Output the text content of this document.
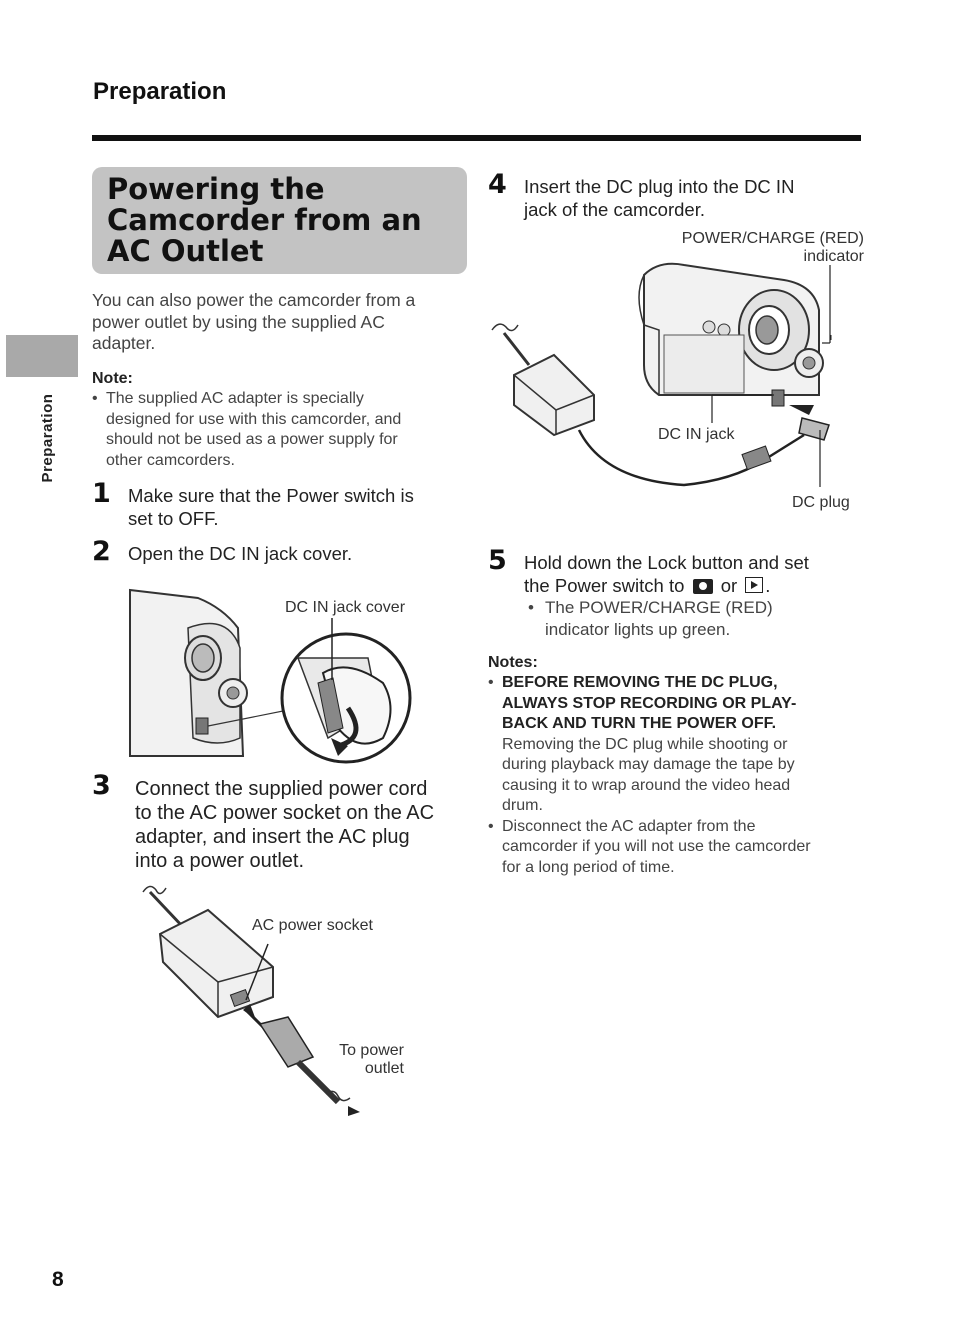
Preparation
Preparation
Powering the
Camcorder from an
AC Outlet
You can also power the camcorder from a
power outlet by using the supplied AC
adapter.
Note:
• The supplied AC adapter is specially
designed for use with this camcorder, and
should not be used as a power supply for
other camcorders.
1 Make sure that the Power switch is
set to OFF.
2 Open the DC IN jack cover.
DC IN jack cover
3 Connect the supplied power cord
to the AC power socket on the AC
adapter, and insert the AC plug
into a power outlet.
AC power socket
To power
outlet
4 Insert the DC plug into the DC IN
jack of the camcorder.
POWER/CHARGE (RED)
indicator
DC IN jack
DC plug
5 Hold down the Lock button and set
the Power switch to or .
• The POWER/CHARGE (RED)
indicator lights up green.
Notes:
• BEFORE REMOVING THE DC PLUG,
ALWAYS STOP RECORDING OR PLAY-
BACK AND TURN THE POWER OFF.
Removing the DC plug while shooting or
during playback may damage the tape by
causing it to wrap around the video head
drum.
• Disconnect the AC adapter from the
camcorder if you will not use the camcorder
for a long period of time.
8
